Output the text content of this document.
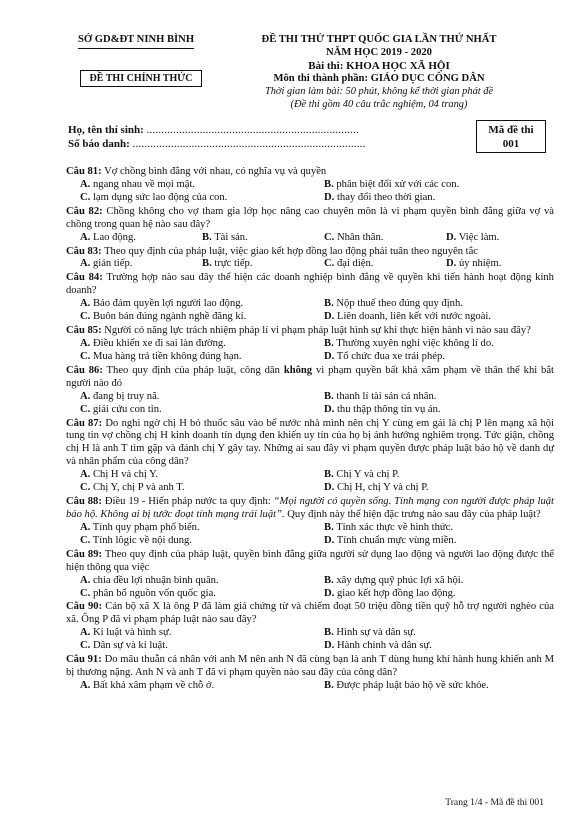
SỞ GD&ĐT NINH BÌNH
ĐỀ THI CHÍNH THỨC
ĐỀ THI THỬ THPT QUỐC GIA LẦN THỨ NHẤT
NĂM HỌC 2019 - 2020
Bài thi: KHOA HỌC XÃ HỘI
Môn thi thành phần: GIÁO DỤC CÔNG DÂN
Thời gian làm bài: 50 phút, không kể thời gian phát đề
(Đề thi gồm 40 câu trắc nghiệm, 04 trang)
Họ, tên thí sinh: ........................................................................
Số báo danh: ...............................................................................
Mã đề thi
001
Câu 81: Vợ chồng bình đẳng với nhau, có nghĩa vụ và quyền
A. ngang nhau về mọi mặt.	B. phân biệt đối xử với các con.
C. lạm dụng sức lao động của con.	D. thay đổi theo thời gian.
Câu 82: Chồng không cho vợ tham gia lớp học nâng cao chuyên môn là vi phạm quyền bình đẳng giữa vợ và chồng trong quan hệ nào sau đây?
A. Lao động.	B. Tài sản.	C. Nhân thân.	D. Việc làm.
Câu 83: Theo quy định của pháp luật, việc giao kết hợp đồng lao động phải tuân theo nguyên tắc
A. gián tiếp.	B. trực tiếp.	C. đại diện.	D. ủy nhiệm.
Câu 84: Trường hợp nào sau đây thể hiện các doanh nghiệp bình đẳng về quyền khi tiến hành hoạt động kinh doanh?
A. Bảo đảm quyền lợi người lao động.	B. Nộp thuế theo đúng quy định.
C. Buôn bán đúng ngành nghề đăng kí.	D. Liên doanh, liên kết với nước ngoài.
Câu 85: Người có năng lực trách nhiệm pháp lí vi phạm pháp luật hình sự khi thực hiện hành vi nào sau đây?
A. Điều khiển xe đi sai làn đường.	B. Thường xuyên nghỉ việc không lí do.
C. Mua hàng trả tiền không đúng hạn.	D. Tổ chức đua xe trái phép.
Câu 86: Theo quy định của pháp luật, công dân không vi phạm quyền bất khả xâm phạm về thân thể khi bắt người nào đó
A. đang bị truy nã.	B. thanh lí tài sản cá nhân.
C. giải cứu con tin.	D. thu thập thông tin vụ án.
Câu 87: Do nghi ngờ chị H bỏ thuốc sâu vào bể nước nhà mình nên chị Y cùng em gái là chị P lên mạng xã hội tung tin vợ chồng chị H kinh doanh tín dụng đen khiến uy tín của họ bị ảnh hưởng nghiêm trọng. Tức giận, chồng chị H là anh T tìm gặp và đánh chị Y gây tay. Những ai sau đây vi phạm quyền được pháp luật bảo hộ về danh dự và nhân phẩm của công dân?
A. Chị H và chị Y.	B. Chị Y và chị P.
C. Chị Y, chị P và anh T.	D. Chị H, chị Y và chị P.
Câu 88: Điều 19 - Hiến pháp nước ta quy định: “Mọi người có quyền sống. Tính mạng con người được pháp luật bảo hộ. Không ai bị tước đoạt tính mạng trái luật”. Quy định này thể hiện đặc trưng nào sau đây của pháp luật?
A. Tính quy phạm phổ biến.	B. Tính xác thực về hình thức.
C. Tính lôgic về nội dung.	D. Tính chuẩn mực vùng miền.
Câu 89: Theo quy định của pháp luật, quyền bình đẳng giữa người sử dụng lao động và người lao động được thể hiện thông qua việc
A. chia đều lợi nhuận bình quân.	B. xây dựng quỹ phúc lợi xã hội.
C. phân bổ nguồn vốn quốc gia.	D. giao kết hợp đồng lao động.
Câu 90: Cán bộ xã X là ông P đã làm giả chứng từ và chiếm đoạt 50 triệu đồng tiền quỹ hỗ trợ người nghèo của xã. Ông P đã vi phạm pháp luật nào sau đây?
A. Kỉ luật và hình sự.	B. Hình sự và dân sự.
C. Dân sự và kỉ luật.	D. Hành chính và dân sự.
Câu 91: Do mâu thuẫn cá nhân với anh M nên anh N đã cùng bạn là anh T dùng hung khí hành hung khiến anh M bị thương nặng. Anh N và anh T đã vi phạm quyền nào sau đây của công dân?
A. Bất khả xâm phạm về chỗ ở.	B. Được pháp luật bảo hộ về sức khỏe.
Trang 1/4 - Mã đề thi 001
